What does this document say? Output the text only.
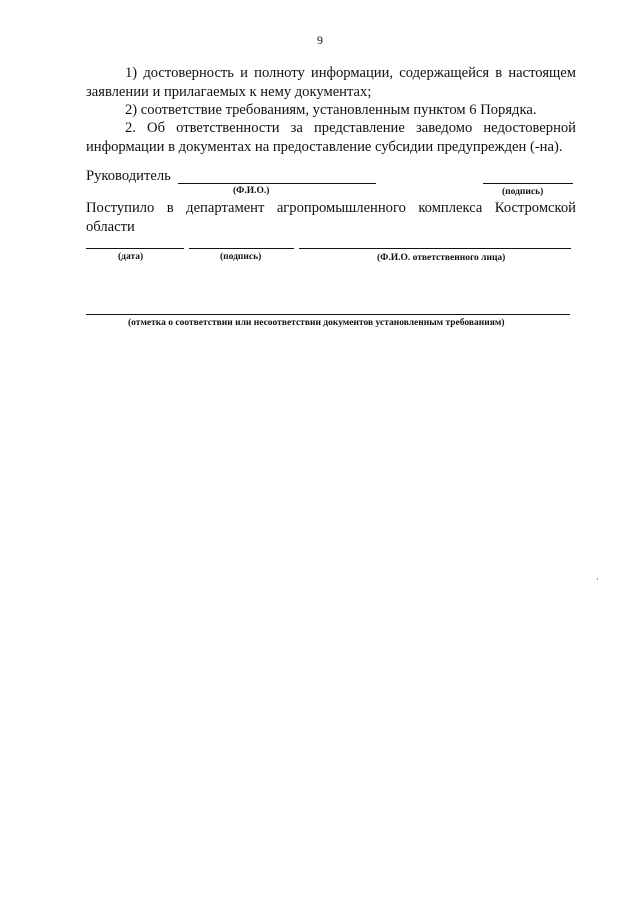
9
1) достоверность и полноту информации, содержащейся в настоящем заявлении и прилагаемых к нему документах;
2) соответствие требованиям, установленным пунктом 6 Порядка.
2. Об ответственности за представление заведомо недостоверной информации в документах на предоставление субсидии предупрежден (-на).
Руководитель
(Ф.И.О.)	(подпись)
Поступило в департамент агропромышленного комплекса Костромской области
(дата)	(подпись)	(Ф.И.О. ответственного лица)
(отметка о соответствии или несоответствии документов установленным требованиям)
